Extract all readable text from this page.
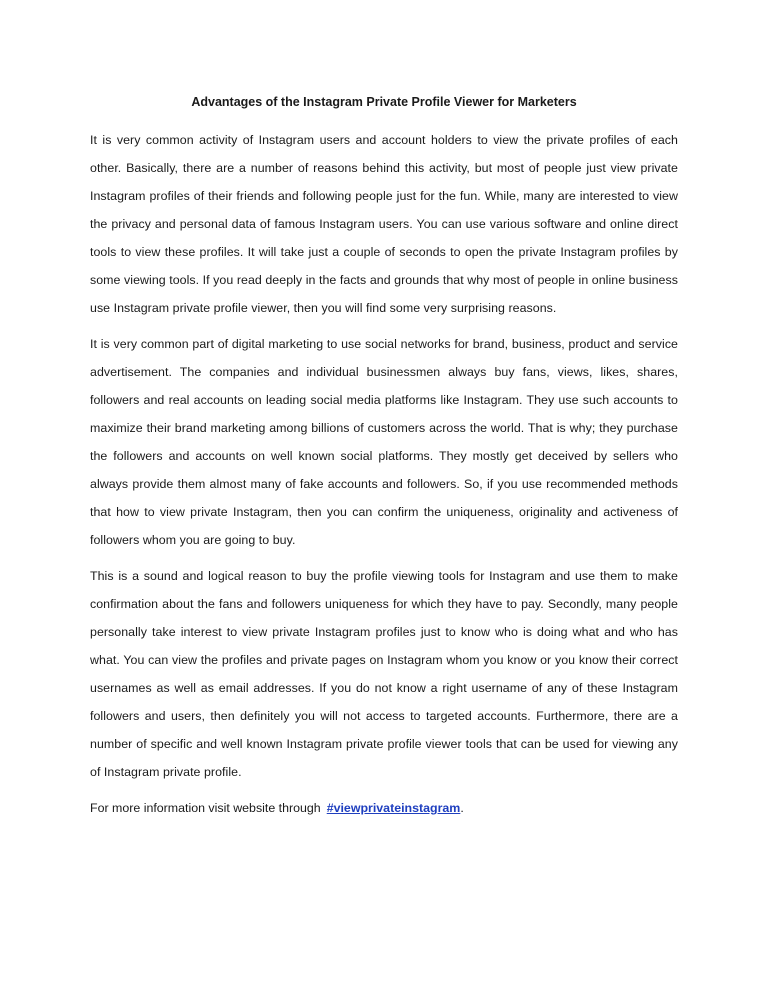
Advantages of the Instagram Private Profile Viewer for Marketers

It is very common activity of Instagram users and account holders to view the private profiles of each other. Basically, there are a number of reasons behind this activity, but most of people just view private Instagram profiles of their friends and following people just for the fun. While, many are interested to view the privacy and personal data of famous Instagram users. You can use various software and online direct tools to view these profiles. It will take just a couple of seconds to open the private Instagram profiles by some viewing tools. If you read deeply in the facts and grounds that why most of people in online business use Instagram private profile viewer, then you will find some very surprising reasons.

It is very common part of digital marketing to use social networks for brand, business, product and service advertisement. The companies and individual businessmen always buy fans, views, likes, shares, followers and real accounts on leading social media platforms like Instagram. They use such accounts to maximize their brand marketing among billions of customers across the world. That is why; they purchase the followers and accounts on well known social platforms. They mostly get deceived by sellers who always provide them almost many of fake accounts and followers. So, if you use recommended methods that how to view private Instagram, then you can confirm the uniqueness, originality and activeness of followers whom you are going to buy.

This is a sound and logical reason to buy the profile viewing tools for Instagram and use them to make confirmation about the fans and followers uniqueness for which they have to pay. Secondly, many people personally take interest to view private Instagram profiles just to know who is doing what and who has what. You can view the profiles and private pages on Instagram whom you know or you know their correct usernames as well as email addresses. If you do not know a right username of any of these Instagram followers and users, then definitely you will not access to targeted accounts. Furthermore, there are a number of specific and well known Instagram private profile viewer tools that can be used for viewing any of Instagram private profile.

For more information visit website through #viewprivateinstagram.
